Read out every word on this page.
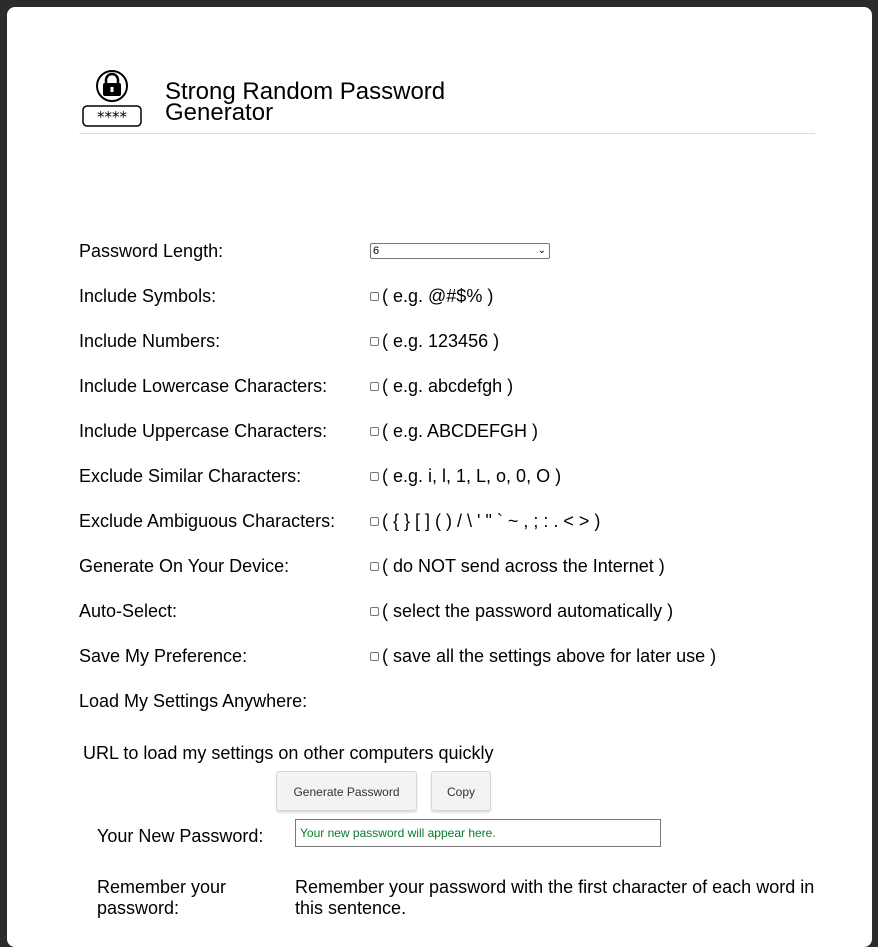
****
Strong Random Password Generator
Password Length:	6	⌄
Include Symbols:	( e.g. @#$% )
Include Numbers:	( e.g. 123456 )
Include Lowercase Characters:	( e.g. abcdefgh )
Include Uppercase Characters:	( e.g. ABCDEFGH )
Exclude Similar Characters:	( e.g. i, l, 1, L, o, 0, O )
Exclude Ambiguous Characters:	( { } [ ] ( ) / \ ' " ` ~ , ; : . < > )
Generate On Your Device:	( do NOT send across the Internet )
Auto-Select:	( select the password automatically )
Save My Preference:	( save all the settings above for later use )
Load My Settings Anywhere:
URL to load my settings on other computers quickly
Generate Password	Copy
Your New Password:	Your new password will appear here.
Remember your password:
Remember your password with the first character of each word in this sentence.
